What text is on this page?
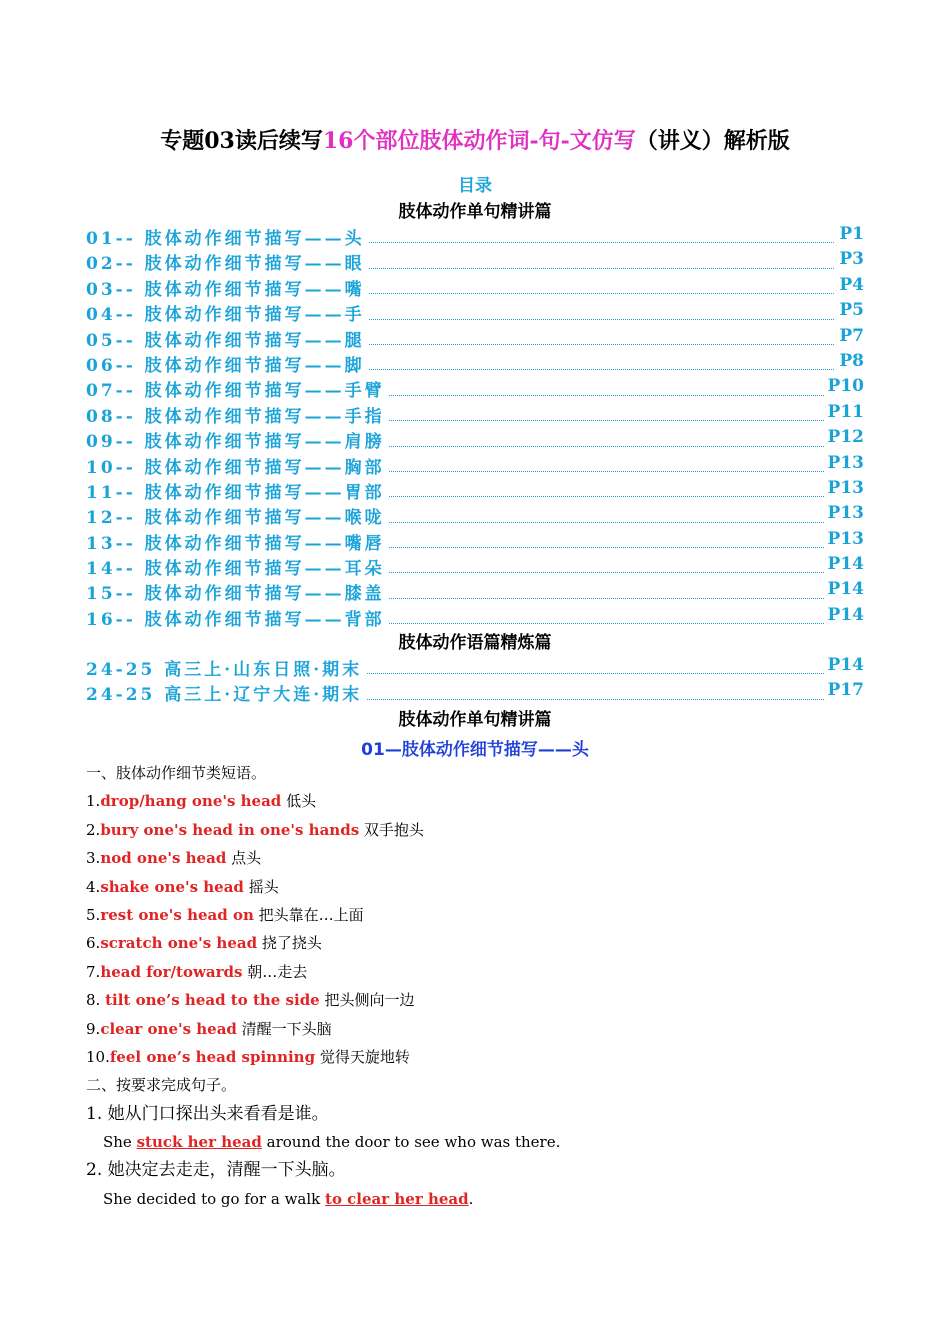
专题03读后续写16个部位肢体动作词-句-文仿写（讲义）解析版
目录
肢体动作单句精讲篇
01-- 肢体动作细节描写——头	P1
02-- 肢体动作细节描写——眼	P3
03-- 肢体动作细节描写——嘴	P4
04-- 肢体动作细节描写——手	P5
05-- 肢体动作细节描写——腿	P7
06-- 肢体动作细节描写——脚	P8
07-- 肢体动作细节描写——手臂	P10
08-- 肢体动作细节描写——手指	P11
09-- 肢体动作细节描写——肩膀	P12
10-- 肢体动作细节描写——胸部	P13
11-- 肢体动作细节描写——胃部	P13
12-- 肢体动作细节描写——喉咙	P13
13-- 肢体动作细节描写——嘴唇	P13
14-- 肢体动作细节描写——耳朵	P14
15-- 肢体动作细节描写——膝盖	P14
16-- 肢体动作细节描写——背部	P14
肢体动作语篇精炼篇
24-25 高三上·山东日照·期末	P14
24-25 高三上·辽宁大连·期末	P17
肢体动作单句精讲篇
01—肢体动作细节描写——头
一、肢体动作细节类短语。
1.drop/hang one's head 低头
2.bury one's head in one's hands 双手抱头
3.nod one's head 点头
4.shake one's head 摇头
5.rest one's head on 把头靠在…上面
6.scratch one's head 挠了挠头
7.head for/towards 朝…走去
8. tilt one’s head to the side 把头侧向一边
9.clear one's head 清醒一下头脑
10.feel one’s head spinning 觉得天旋地转
二、按要求完成句子。
1. 她从门口探出头来看看是谁。
She stuck her head around the door to see who was there.
2. 她决定去走走，清醒一下头脑。
She decided to go for a walk to clear her head.
